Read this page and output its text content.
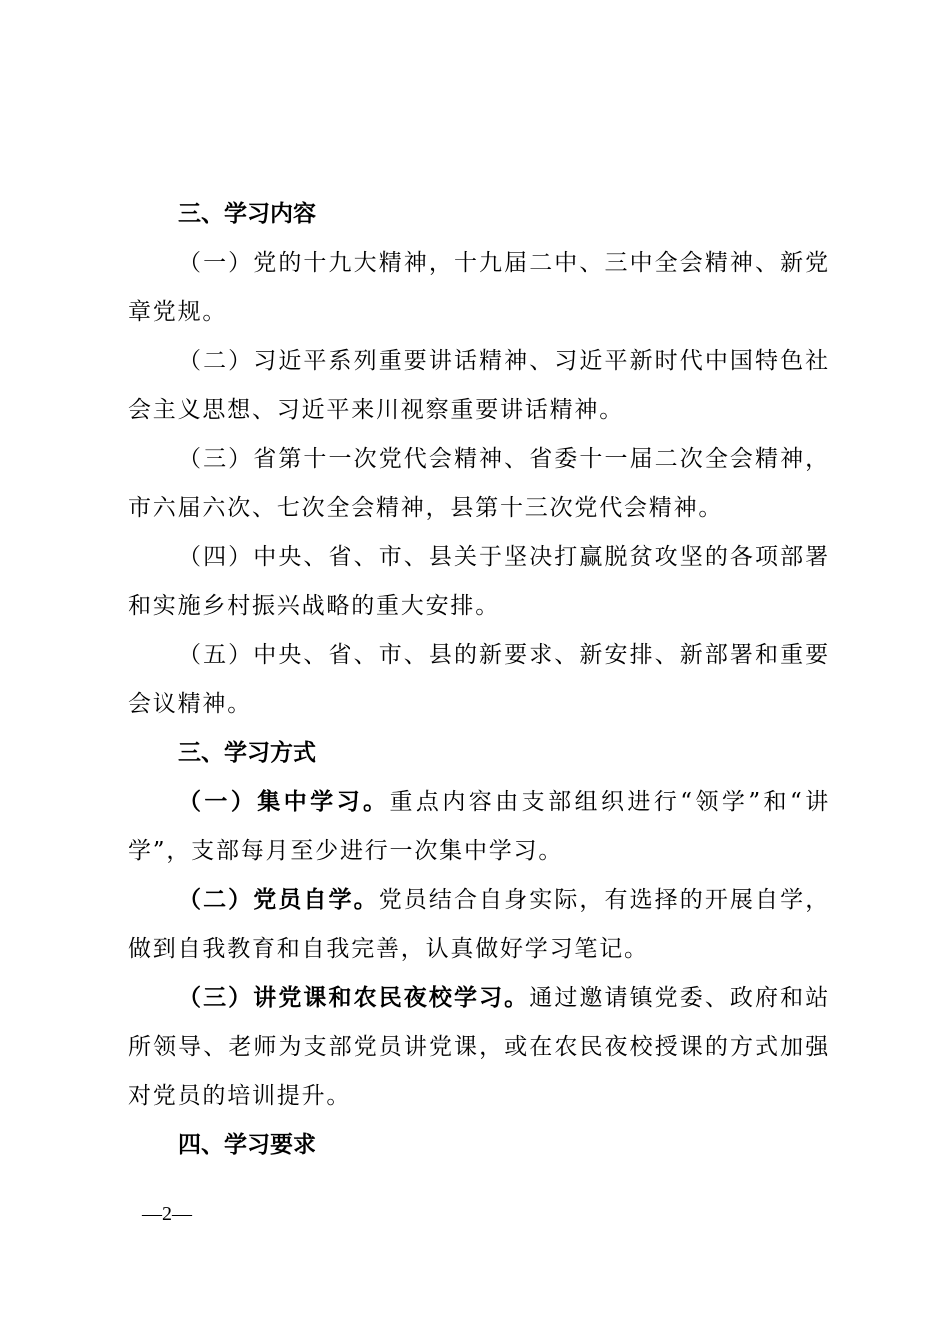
三、学习内容

（一）党的十九大精神，十九届二中、三中全会精神、新党章党规。

（二）习近平系列重要讲话精神、习近平新时代中国特色社会主义思想、习近平来川视察重要讲话精神。

（三）省第十一次党代会精神、省委十一届二次全会精神，市六届六次、七次全会精神，县第十三次党代会精神。

（四）中央、省、市、县关于坚决打赢脱贫攻坚的各项部署和实施乡村振兴战略的重大安排。

（五）中央、省、市、县的新要求、新安排、新部署和重要会议精神。

三、学习方式

（一）集中学习。重点内容由支部组织进行“领学”和“讲学”，支部每月至少进行一次集中学习。

（二）党员自学。党员结合自身实际，有选择的开展自学，做到自我教育和自我完善，认真做好学习笔记。

（三）讲党课和农民夜校学习。通过邀请镇党委、政府和站所领导、老师为支部党员讲党课，或在农民夜校授课的方式加强对党员的培训提升。

四、学习要求

—2—
